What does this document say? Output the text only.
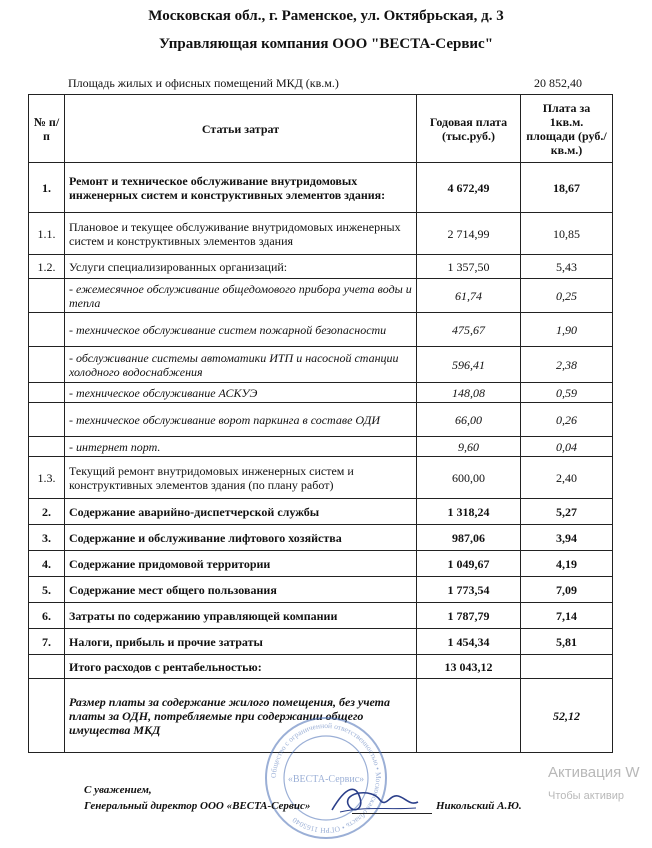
Московская обл., г. Раменское, ул. Октябрьская, д. 3
Управляющая компания ООО "ВЕСТА-Сервис"
Площадь жилых и офисных помещений МКД (кв.м.)	20 852,40
№ п/п	Статьи затрат	Годовая плата (тыс.руб.)	Плата за 1кв.м. площади (руб./кв.м.)
1.	Ремонт и техническое обслуживание внутридомовых инженерных систем и конструктивных элементов здания:	4 672,49	18,67
1.1.	Плановое и текущее обслуживание внутридомовых инженерных систем и конструктивных элементов здания	2 714,99	10,85
1.2.	Услуги специализированных организаций:	1 357,50	5,43
	- ежемесячное обслуживание общедомового прибора учета воды и тепла	61,74	0,25
	- техническое обслуживание систем пожарной безопасности	475,67	1,90
	- обслуживание системы автоматики ИТП и насосной станции холодного водоснабжения	596,41	2,38
	- техническое обслуживание АСКУЭ	148,08	0,59
	- техническое обслуживание ворот паркинга в составе ОДИ	66,00	0,26
	- интернет порт.	9,60	0,04
1.3.	Текущий ремонт внутридомовых инженерных систем и конструктивных элементов здания (по плану работ)	600,00	2,40
2.	Содержание аварийно-диспетчерской службы	1 318,24	5,27
3.	Содержание и обслуживание лифтового хозяйства	987,06	3,94
4.	Содержание придомовой территории	1 049,67	4,19
5.	Содержание мест общего пользования	1 773,54	7,09
6.	Затраты по содержанию управляющей компании	1 787,79	7,14
7.	Налоги, прибыль и прочие затраты	1 454,34	5,81
	Итого расходов с рентабельностью:	13 043,12	
	Размер платы за содержание жилого помещения, без учета платы за ОДН, потребляемые при содержании общего имущества МКД		52,12
Общество с ограниченной ответственностью • Московская область • ОГРН 1165040
«ВЕСТА-Сервис»
С уважением,
Генеральный директор ООО «ВЕСТА-Сервис»	Никольский А.Ю.
Активация W
Чтобы активир
